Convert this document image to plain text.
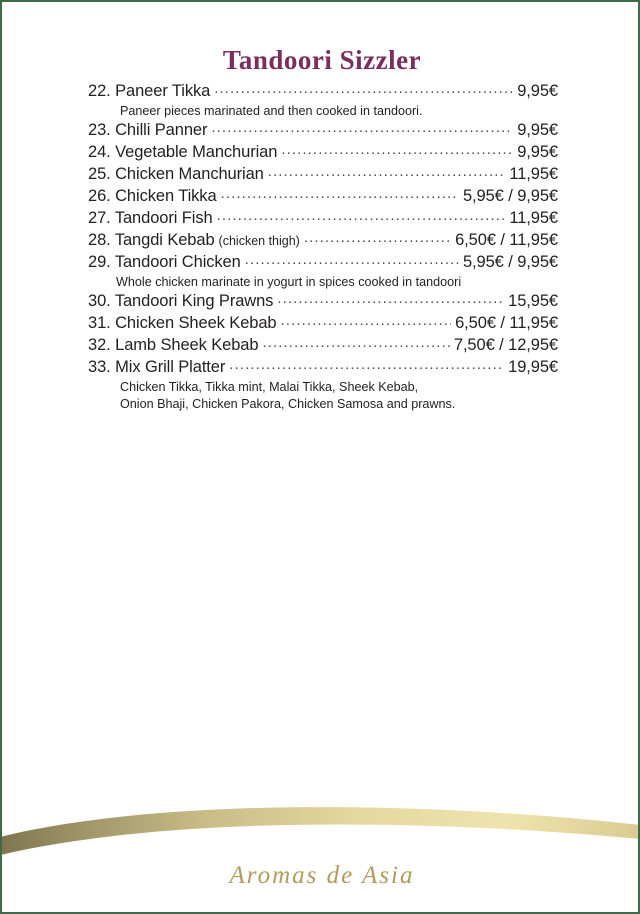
Tandoori Sizzler
22. Paneer Tikka .....	9,95€
Paneer pieces marinated and then cooked in tandoori.
23. Chilli Panner .....	9,95€
24. Vegetable Manchurian .....	9,95€
25. Chicken Manchurian .....	11,95€
26. Chicken Tikka .....	5,95€ / 9,95€
27. Tandoori Fish .....	11,95€
28. Tangdi Kebab (chicken thigh) .....	6,50€ / 11,95€
29. Tandoori Chicken .....	5,95€ / 9,95€
Whole chicken marinate in yogurt in spices cooked in tandoori
30. Tandoori King Prawns .....	15,95€
31. Chicken Sheek Kebab .....	6,50€ / 11,95€
32. Lamb Sheek Kebab .....	7,50€ / 12,95€
33. Mix Grill Platter .....	19,95€
Chicken Tikka, Tikka mint, Malai Tikka, Sheek Kebab,
Onion Bhaji, Chicken Pakora, Chicken Samosa and prawns.
Aromas de Asia
